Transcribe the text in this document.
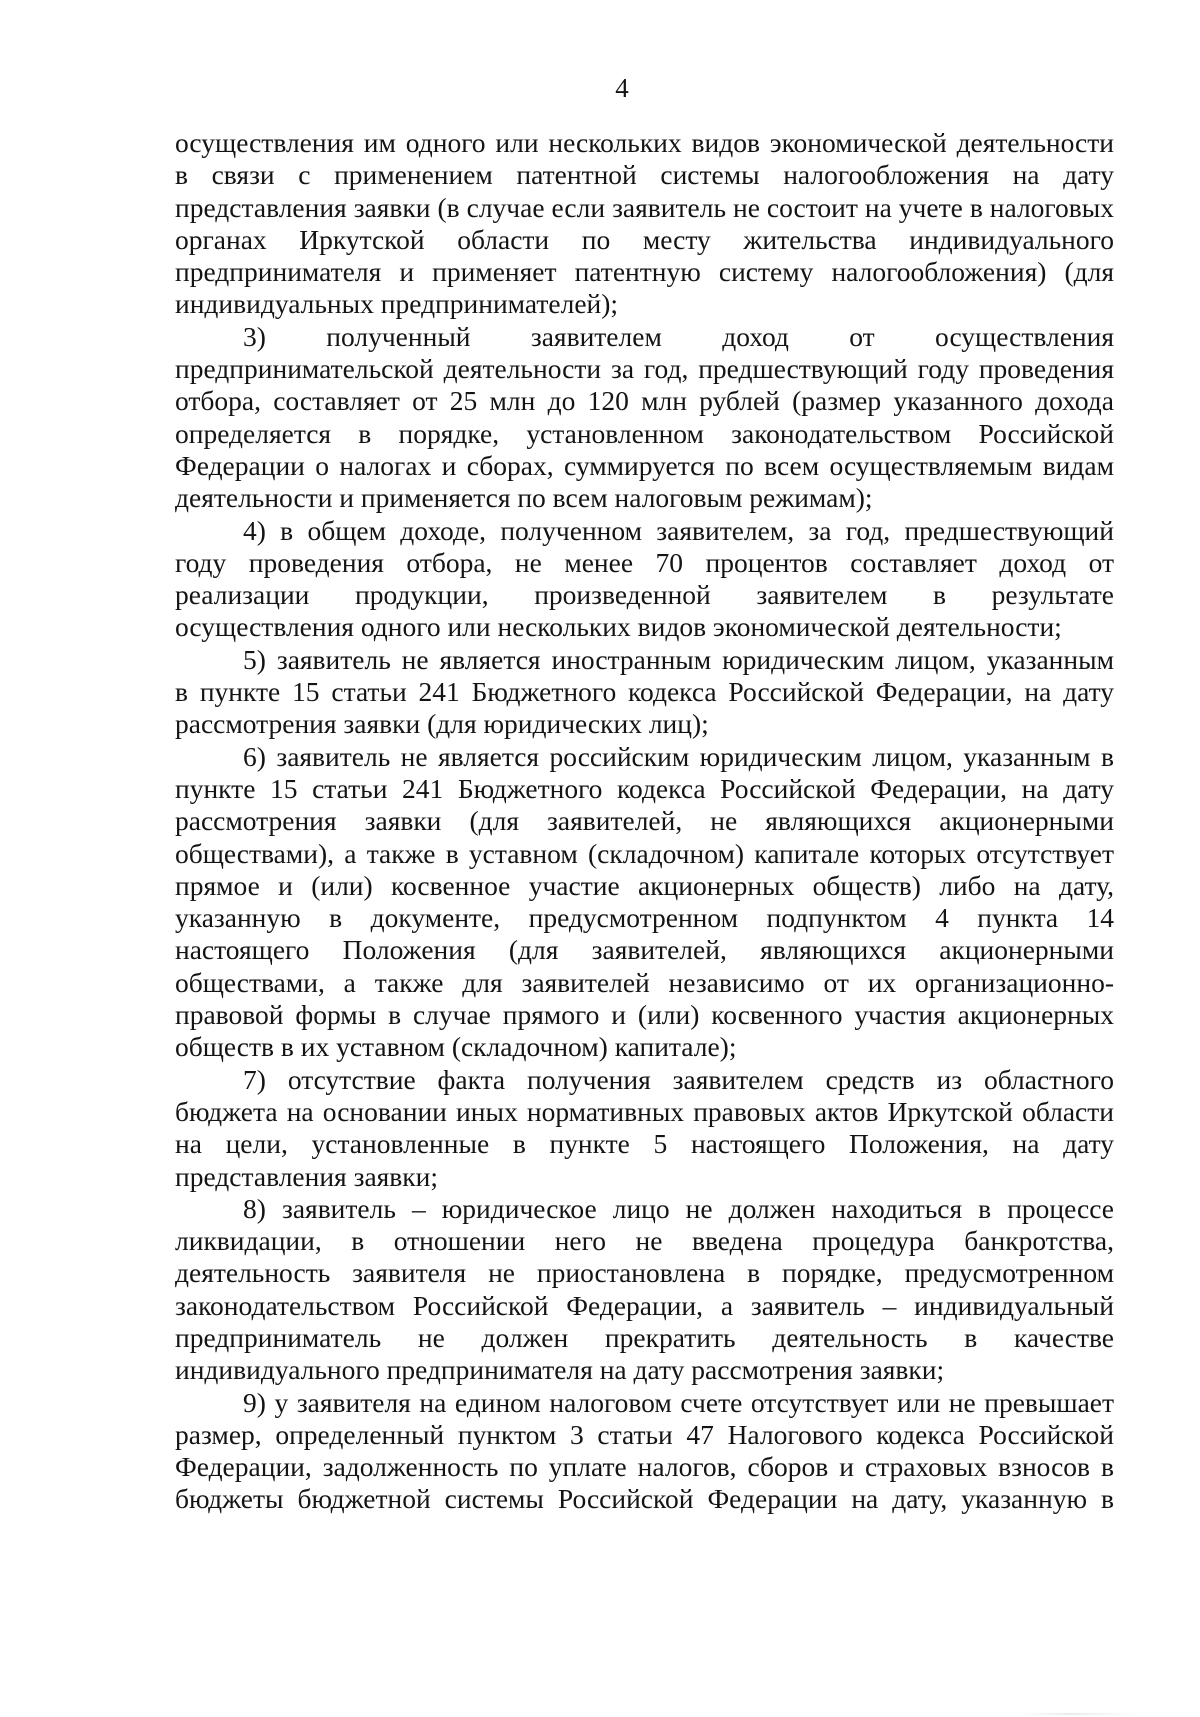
4
осуществления им одного или нескольких видов экономической деятельности
в связи с применением патентной системы налогообложения на дату
представления заявки (в случае если заявитель не состоит на учете в налоговых
органах Иркутской области по месту жительства индивидуального
предпринимателя и применяет патентную систему налогообложения) (для
индивидуальных предпринимателей);
3) полученный заявителем доход от осуществления
предпринимательской деятельности за год, предшествующий году проведения
отбора, составляет от 25 млн до 120 млн рублей (размер указанного дохода
определяется в порядке, установленном законодательством Российской
Федерации о налогах и сборах, суммируется по всем осуществляемым видам
деятельности и применяется по всем налоговым режимам);
4) в общем доходе, полученном заявителем, за год, предшествующий
году проведения отбора, не менее 70 процентов составляет доход от
реализации продукции, произведенной заявителем в результате
осуществления одного или нескольких видов экономической деятельности;
5) заявитель не является иностранным юридическим лицом, указанным
в пункте 15 статьи 241 Бюджетного кодекса Российской Федерации, на дату
рассмотрения заявки (для юридических лиц);
6) заявитель не является российским юридическим лицом, указанным в
пункте 15 статьи 241 Бюджетного кодекса Российской Федерации, на дату
рассмотрения заявки (для заявителей, не являющихся акционерными
обществами), а также в уставном (складочном) капитале которых отсутствует
прямое и (или) косвенное участие акционерных обществ) либо на дату,
указанную в документе, предусмотренном подпунктом 4 пункта 14
настоящего Положения (для заявителей, являющихся акционерными
обществами, а также для заявителей независимо от их организационно-
правовой формы в случае прямого и (или) косвенного участия акционерных
обществ в их уставном (складочном) капитале);
7) отсутствие факта получения заявителем средств из областного
бюджета на основании иных нормативных правовых актов Иркутской области
на цели, установленные в пункте 5 настоящего Положения, на дату
представления заявки;
8) заявитель – юридическое лицо не должен находиться в процессе
ликвидации, в отношении него не введена процедура банкротства,
деятельность заявителя не приостановлена в порядке, предусмотренном
законодательством Российской Федерации, а заявитель – индивидуальный
предприниматель не должен прекратить деятельность в качестве
индивидуального предпринимателя на дату рассмотрения заявки;
9) у заявителя на едином налоговом счете отсутствует или не превышает
размер, определенный пунктом 3 статьи 47 Налогового кодекса Российской
Федерации, задолженность по уплате налогов, сборов и страховых взносов в
бюджеты бюджетной системы Российской Федерации на дату, указанную в
